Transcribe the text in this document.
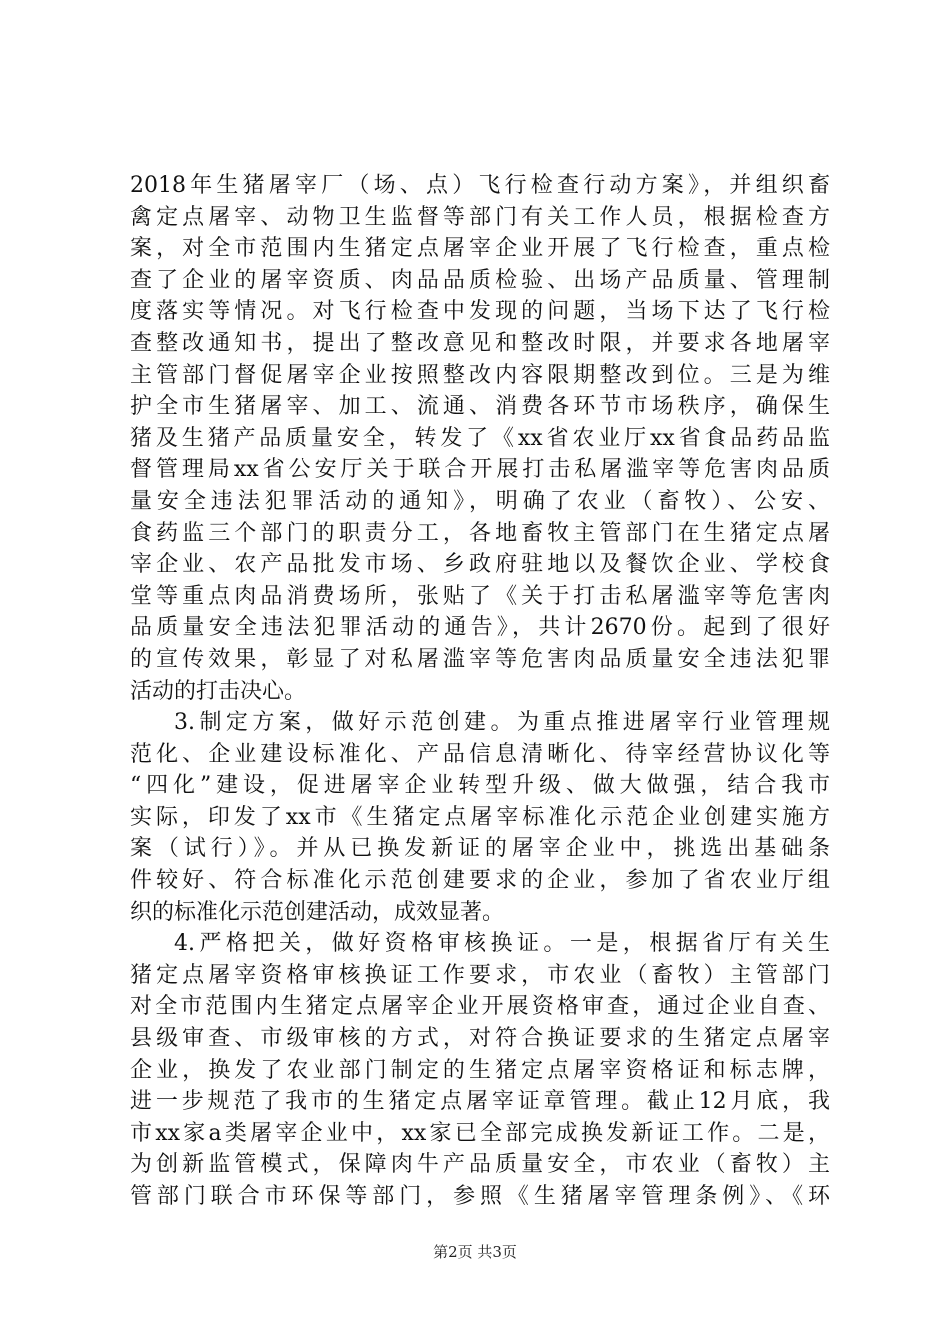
2018年生猪屠宰厂（场、点）飞行检查行动方案》，并组织畜
禽定点屠宰、动物卫生监督等部门有关工作人员，根据检查方
案，对全市范围内生猪定点屠宰企业开展了飞行检查，重点检
查了企业的屠宰资质、肉品品质检验、出场产品质量、管理制
度落实等情况。对飞行检查中发现的问题，当场下达了飞行检
查整改通知书，提出了整改意见和整改时限，并要求各地屠宰
主管部门督促屠宰企业按照整改内容限期整改到位。三是为维
护全市生猪屠宰、加工、流通、消费各环节市场秩序，确保生
猪及生猪产品质量安全，转发了《xx省农业厅xx省食品药品监
督管理局xx省公安厅关于联合开展打击私屠滥宰等危害肉品质
量安全违法犯罪活动的通知》，明确了农业（畜牧）、公安、
食药监三个部门的职责分工，各地畜牧主管部门在生猪定点屠
宰企业、农产品批发市场、乡政府驻地以及餐饮企业、学校食
堂等重点肉品消费场所，张贴了《关于打击私屠滥宰等危害肉
品质量安全违法犯罪活动的通告》，共计2670份。起到了很好
的宣传效果，彰显了对私屠滥宰等危害肉品质量安全违法犯罪
活动的打击决心。
3.制定方案，做好示范创建。为重点推进屠宰行业管理规
范化、企业建设标准化、产品信息清晰化、待宰经营协议化等
“四化”建设，促进屠宰企业转型升级、做大做强，结合我市
实际，印发了xx市《生猪定点屠宰标准化示范企业创建实施方
案（试行）》。并从已换发新证的屠宰企业中，挑选出基础条
件较好、符合标准化示范创建要求的企业，参加了省农业厅组
织的标准化示范创建活动，成效显著。
4.严格把关，做好资格审核换证。一是，根据省厅有关生
猪定点屠宰资格审核换证工作要求，市农业（畜牧）主管部门
对全市范围内生猪定点屠宰企业开展资格审查，通过企业自查、
县级审查、市级审核的方式，对符合换证要求的生猪定点屠宰
企业，换发了农业部门制定的生猪定点屠宰资格证和标志牌，
进一步规范了我市的生猪定点屠宰证章管理。截止12月底，我
市xx家a类屠宰企业中，xx家已全部完成换发新证工作。二是，
为创新监管模式，保障肉牛产品质量安全，市农业（畜牧）主
管部门联合市环保等部门，参照《生猪屠宰管理条例》、《环
第2页 共3页
